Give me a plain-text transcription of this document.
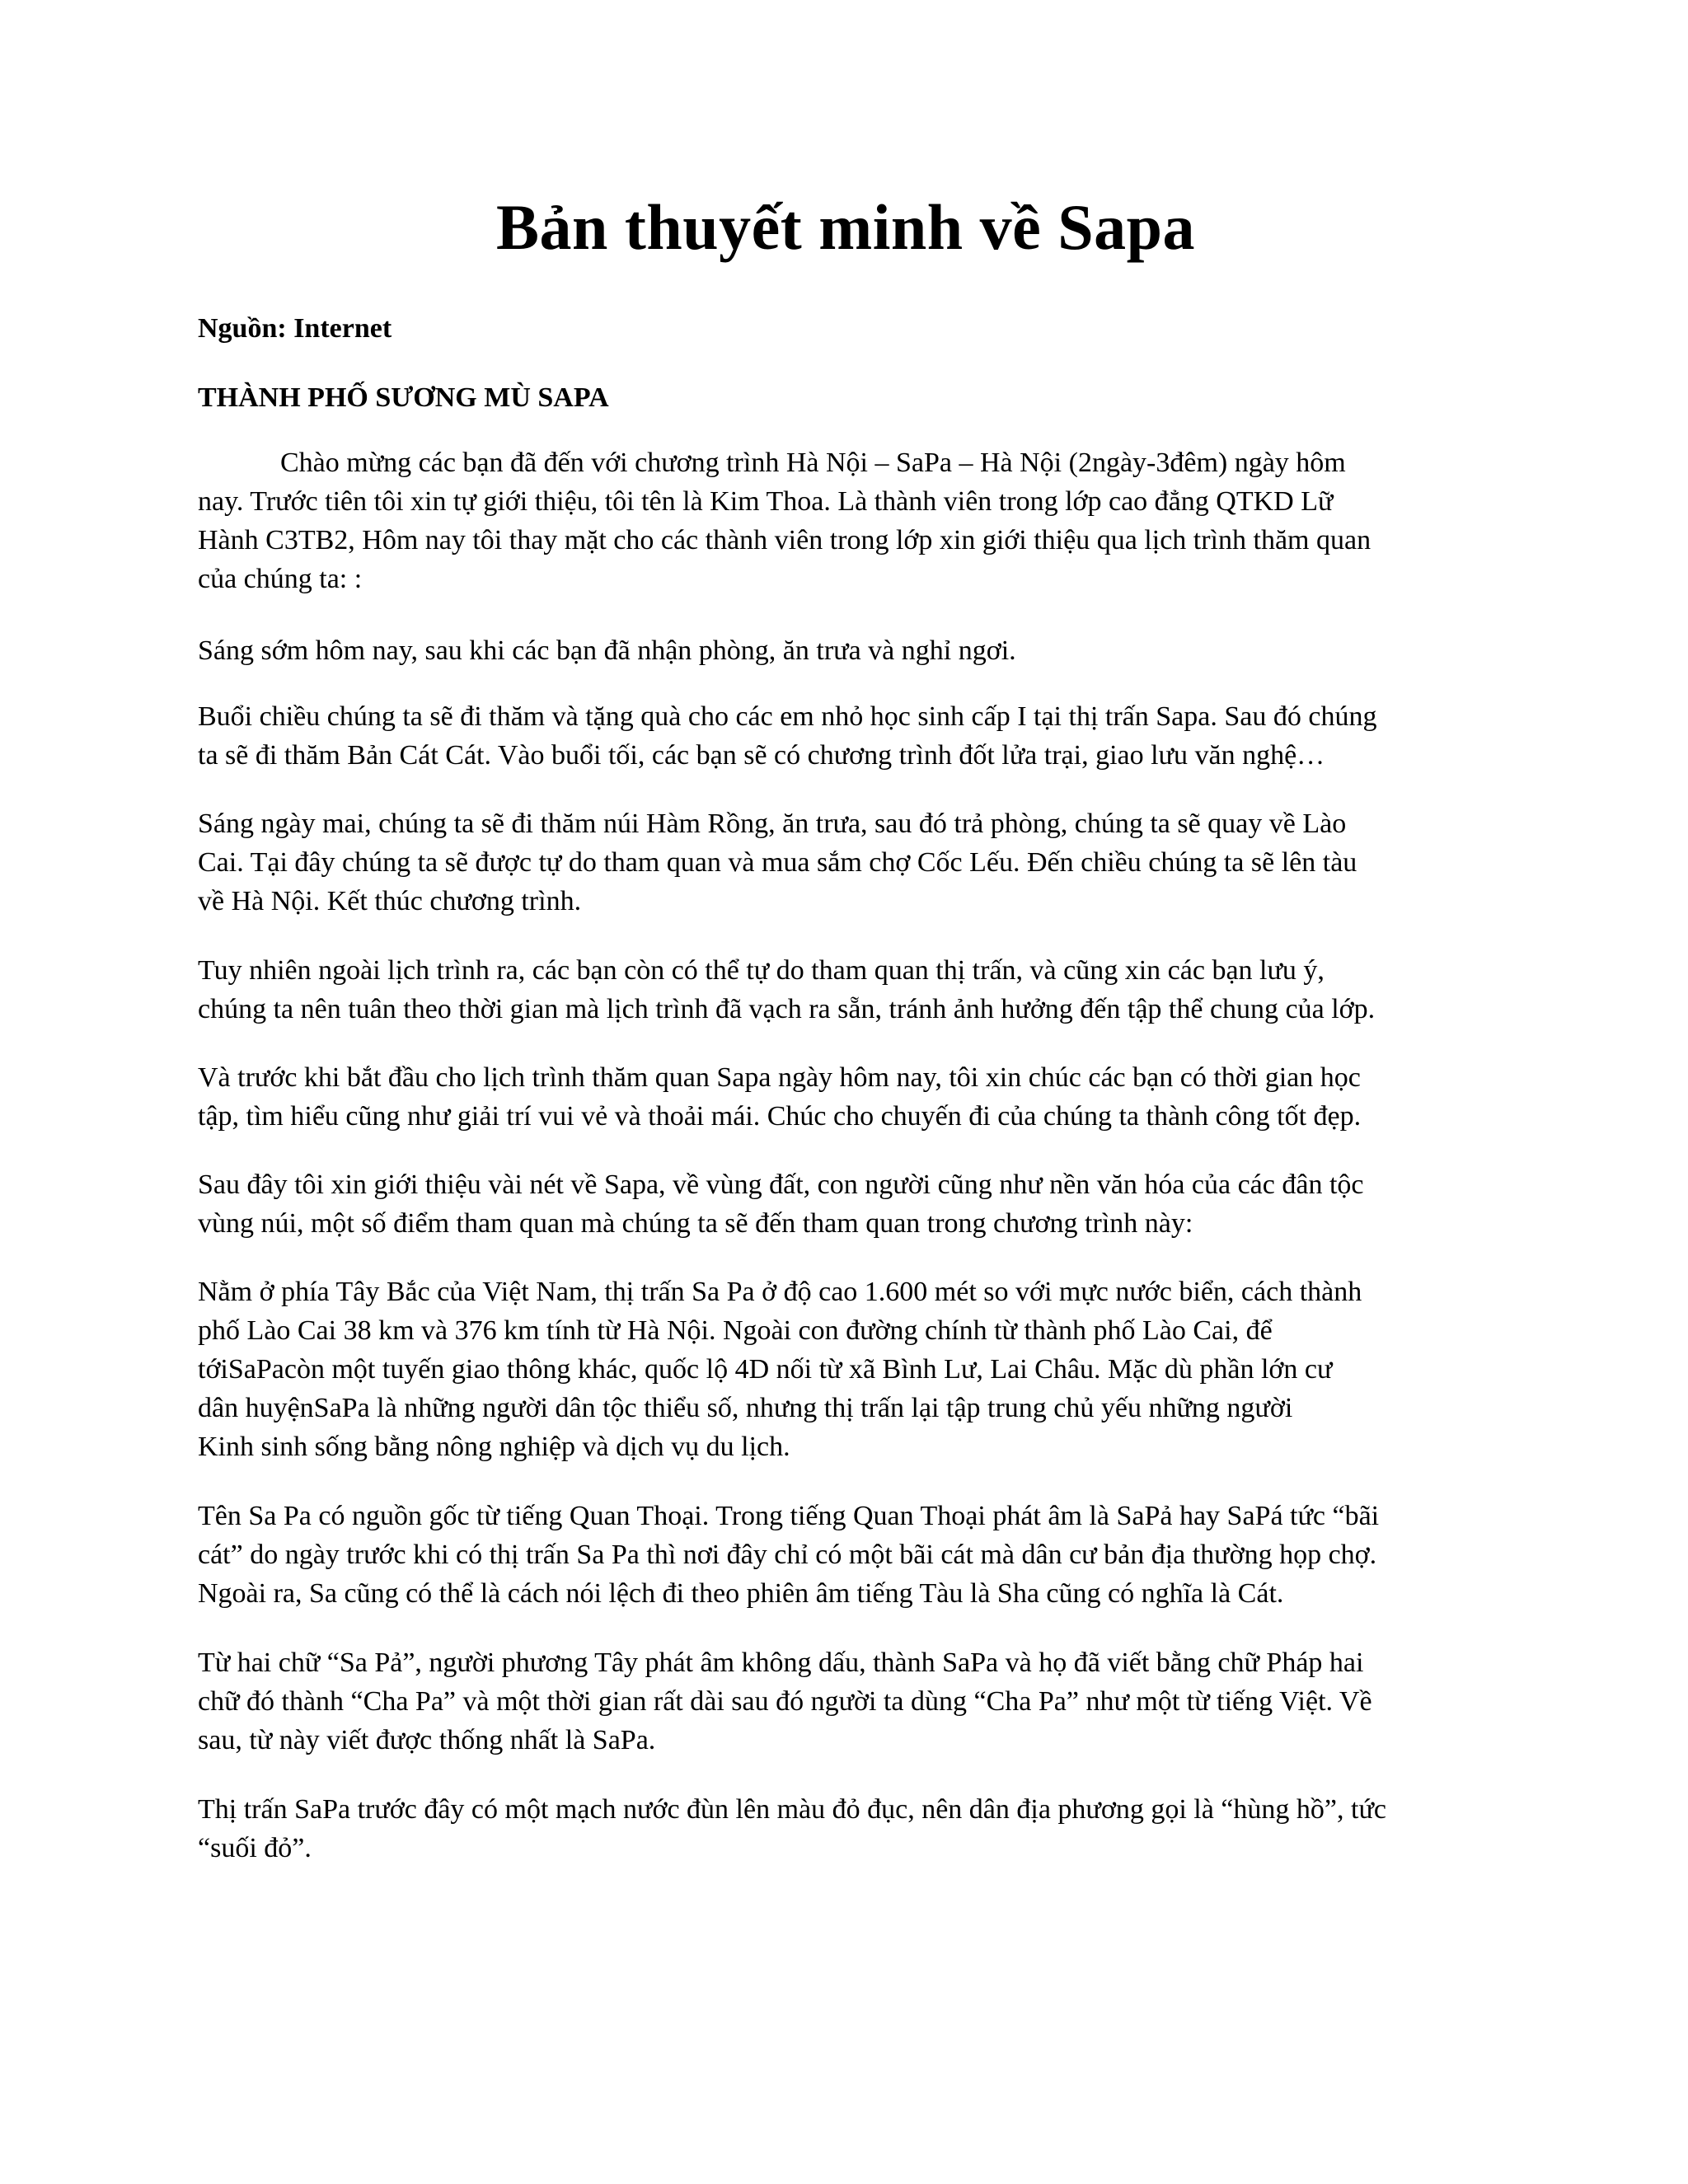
Bản thuyết minh về Sapa

Nguồn: Internet

THÀNH PHỐ SƯƠNG MÙ SAPA

Chào mừng các bạn đã đến với chương trình Hà Nội – SaPa – Hà Nội (2ngày-3đêm) ngày hôm
nay. Trước tiên tôi xin tự giới thiệu, tôi tên là Kim Thoa. Là thành viên trong lớp cao đẳng QTKD Lữ
Hành C3TB2, Hôm nay tôi thay mặt cho các thành viên trong lớp xin giới thiệu qua lịch trình thăm quan
của chúng ta: :

Sáng sớm hôm nay, sau khi các bạn đã nhận phòng, ăn trưa và nghỉ ngơi.

Buổi chiều chúng ta sẽ đi thăm và tặng quà cho các em nhỏ học sinh cấp I tại thị trấn Sapa. Sau đó chúng
ta sẽ đi thăm Bản Cát Cát. Vào buổi tối, các bạn sẽ có chương trình đốt lửa trại, giao lưu văn nghệ…

Sáng ngày mai, chúng ta sẽ đi thăm núi Hàm Rồng, ăn trưa, sau đó trả phòng, chúng ta sẽ quay về Lào
Cai. Tại đây chúng ta sẽ được tự do tham quan và mua sắm chợ Cốc Lếu. Đến chiều chúng ta sẽ lên tàu
về Hà Nội. Kết thúc chương trình.

Tuy nhiên ngoài lịch trình ra, các bạn còn có thể tự do tham quan thị trấn, và cũng xin các bạn lưu ý,
chúng ta nên tuân theo thời gian mà lịch trình đã vạch ra sẵn, tránh ảnh hưởng đến tập thể chung của lớp.

Và trước khi bắt đầu cho lịch trình thăm quan Sapa ngày hôm nay, tôi xin chúc các bạn có thời gian học
tập, tìm hiểu cũng như giải trí vui vẻ và thoải mái. Chúc cho chuyến đi của chúng ta thành công tốt đẹp.

Sau đây tôi xin giới thiệu vài nét về Sapa, về vùng đất, con người cũng như nền văn hóa của các đân tộc
vùng núi, một số điểm tham quan mà chúng ta sẽ đến tham quan trong chương trình này:

Nằm ở phía Tây Bắc của Việt Nam, thị trấn Sa Pa ở độ cao 1.600 mét so với mực nước biển, cách thành
phố Lào Cai 38 km và 376 km tính từ Hà Nội. Ngoài con đường chính từ thành phố Lào Cai, để
tớiSaPacòn một tuyến giao thông khác, quốc lộ 4D nối từ xã Bình Lư, Lai Châu. Mặc dù phần lớn cư
dân huyệnSaPa là những người dân tộc thiểu số, nhưng thị trấn lại tập trung chủ yếu những người
Kinh sinh sống bằng nông nghiệp và dịch vụ du lịch.

Tên Sa Pa có nguồn gốc từ tiếng Quan Thoại. Trong tiếng Quan Thoại phát âm là SaPả hay SaPá tức “bãi
cát” do ngày trước khi có thị trấn Sa Pa thì nơi đây chỉ có một bãi cát mà dân cư bản địa thường họp chợ.
Ngoài ra, Sa cũng có thể là cách nói lệch đi theo phiên âm tiếng Tàu là Sha cũng có nghĩa là Cát.

Từ hai chữ “Sa Pả”, người phương Tây phát âm không dấu, thành SaPa và họ đã viết bằng chữ Pháp hai
chữ đó thành “Cha Pa” và một thời gian rất dài sau đó người ta dùng “Cha Pa” như một từ tiếng Việt. Về
sau, từ này viết được thống nhất là SaPa.

Thị trấn SaPa trước đây có một mạch nước đùn lên màu đỏ đục, nên dân địa phương gọi là “hùng hồ”, tức
“suối đỏ”.
